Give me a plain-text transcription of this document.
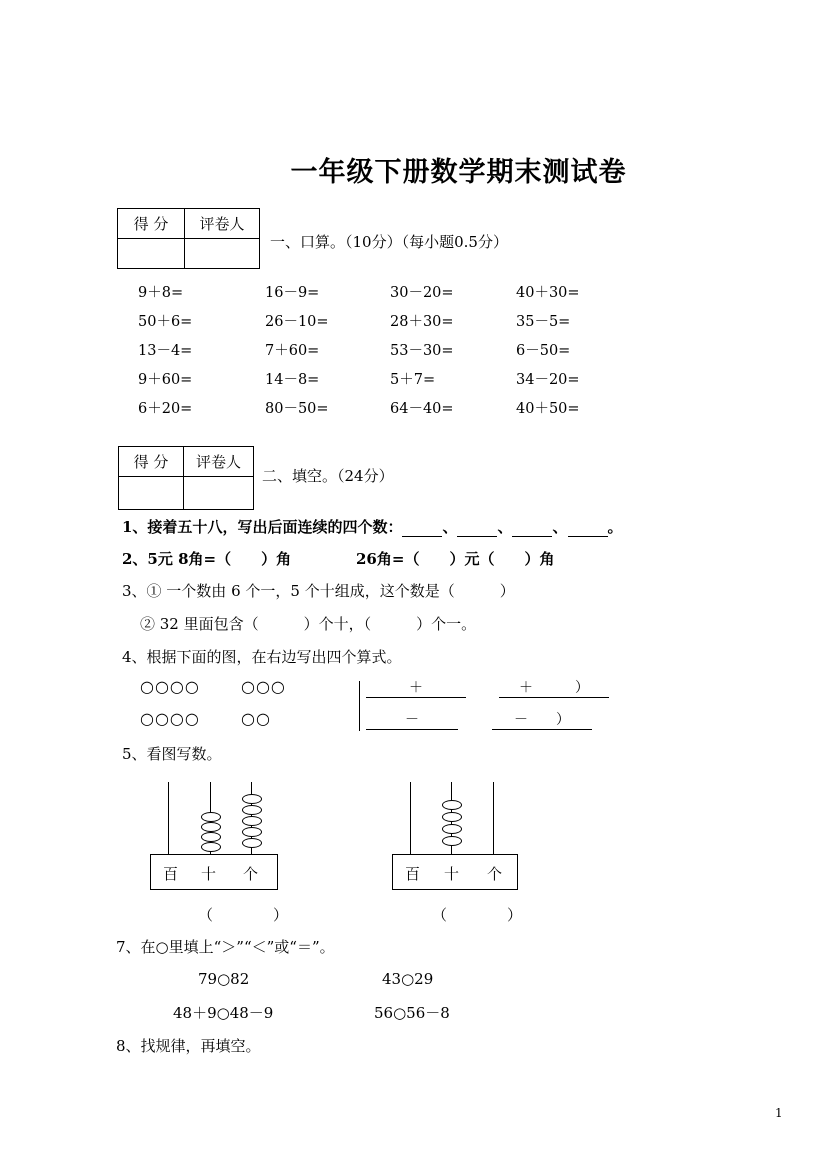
一年级下册数学期末测试卷
得 分	评卷人

一、口算。（10分）（每小题0.5分）
9＋8=	16－9=	30－20=	40＋30=
50＋6=	26－10=	28＋30=	35－5=
13－4=	7＋60=	53－30=	6－50=
9＋60=	14－8=	5＋7=	34－20=
6＋20=	80－50=	64－40=	40＋50=
得 分	评卷人

二、填空。（24分）
1、接着五十八，写出后面连续的四个数：	、	、	、	。
2、5元 8角=（　　）角	26角=（　　）元（　　）角
3、① 一个数由 6 个一，5 个十组成，这个数是（　　　）
② 32 里面包含（　　　）个十，（　　　）个一。
4、根据下面的图，在右边写出四个算式。
○○○○	○○○
○○○○	○○
＋	＋　　　）
－	－　　）
5、看图写数。
百 十 个
（　　　　）
百 十 个
（　　　　）
7、在○里填上“＞”“＜”或“＝”。
79○82	43○29
48＋9○48－9	56○56－8
8、找规律，再填空。
1
